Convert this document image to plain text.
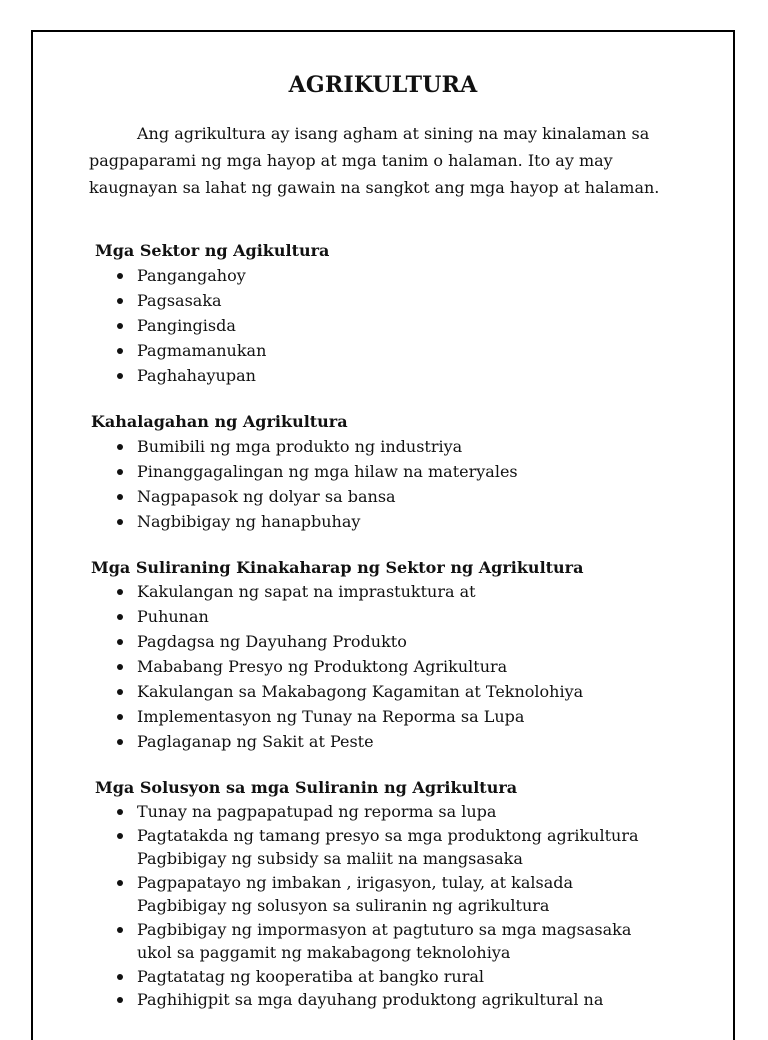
AGRIKULTURA

Ang agrikultura ay isang agham at sining na may kinalaman sa pagpaparami ng mga hayop at mga tanim o halaman. Ito ay may kaugnayan sa lahat ng gawain na sangkot ang mga hayop at halaman.

Mga Sektor ng Agikultura
Pangangahoy
Pagsasaka
Pangingisda
Pagmamanukan
Paghahayupan
Kahalagahan ng Agrikultura
Bumibili ng mga produkto ng industriya
Pinanggagalingan ng mga hilaw na materyales
Nagpapasok ng dolyar sa bansa
Nagbibigay ng hanapbuhay
Mga Suliraning Kinakaharap ng Sektor ng Agrikultura
Kakulangan ng sapat na imprastuktura at
Puhunan
Pagdagsa ng Dayuhang Produkto
Mababang Presyo ng Produktong Agrikultura
Kakulangan sa Makabagong Kagamitan at Teknolohiya
Implementasyon ng Tunay na Reporma sa Lupa
Paglaganap ng Sakit at Peste
Mga Solusyon sa mga Suliranin ng Agrikultura
Tunay na pagpapatupad ng reporma sa lupa
Pagtatakda ng tamang presyo sa mga produktong agrikultura
Pagbibigay ng subsidy sa maliit na mangsasaka
Pagpapatayo ng imbakan , irigasyon, tulay, at kalsada
Pagbibigay ng solusyon sa suliranin ng agrikultura
Pagbibigay ng impormasyon at pagtuturo sa mga magsasaka
ukol sa paggamit ng makabagong teknolohiya
Pagtatatag ng kooperatiba at bangko rural
Paghihigpit sa mga dayuhang produktong agrikultural na
